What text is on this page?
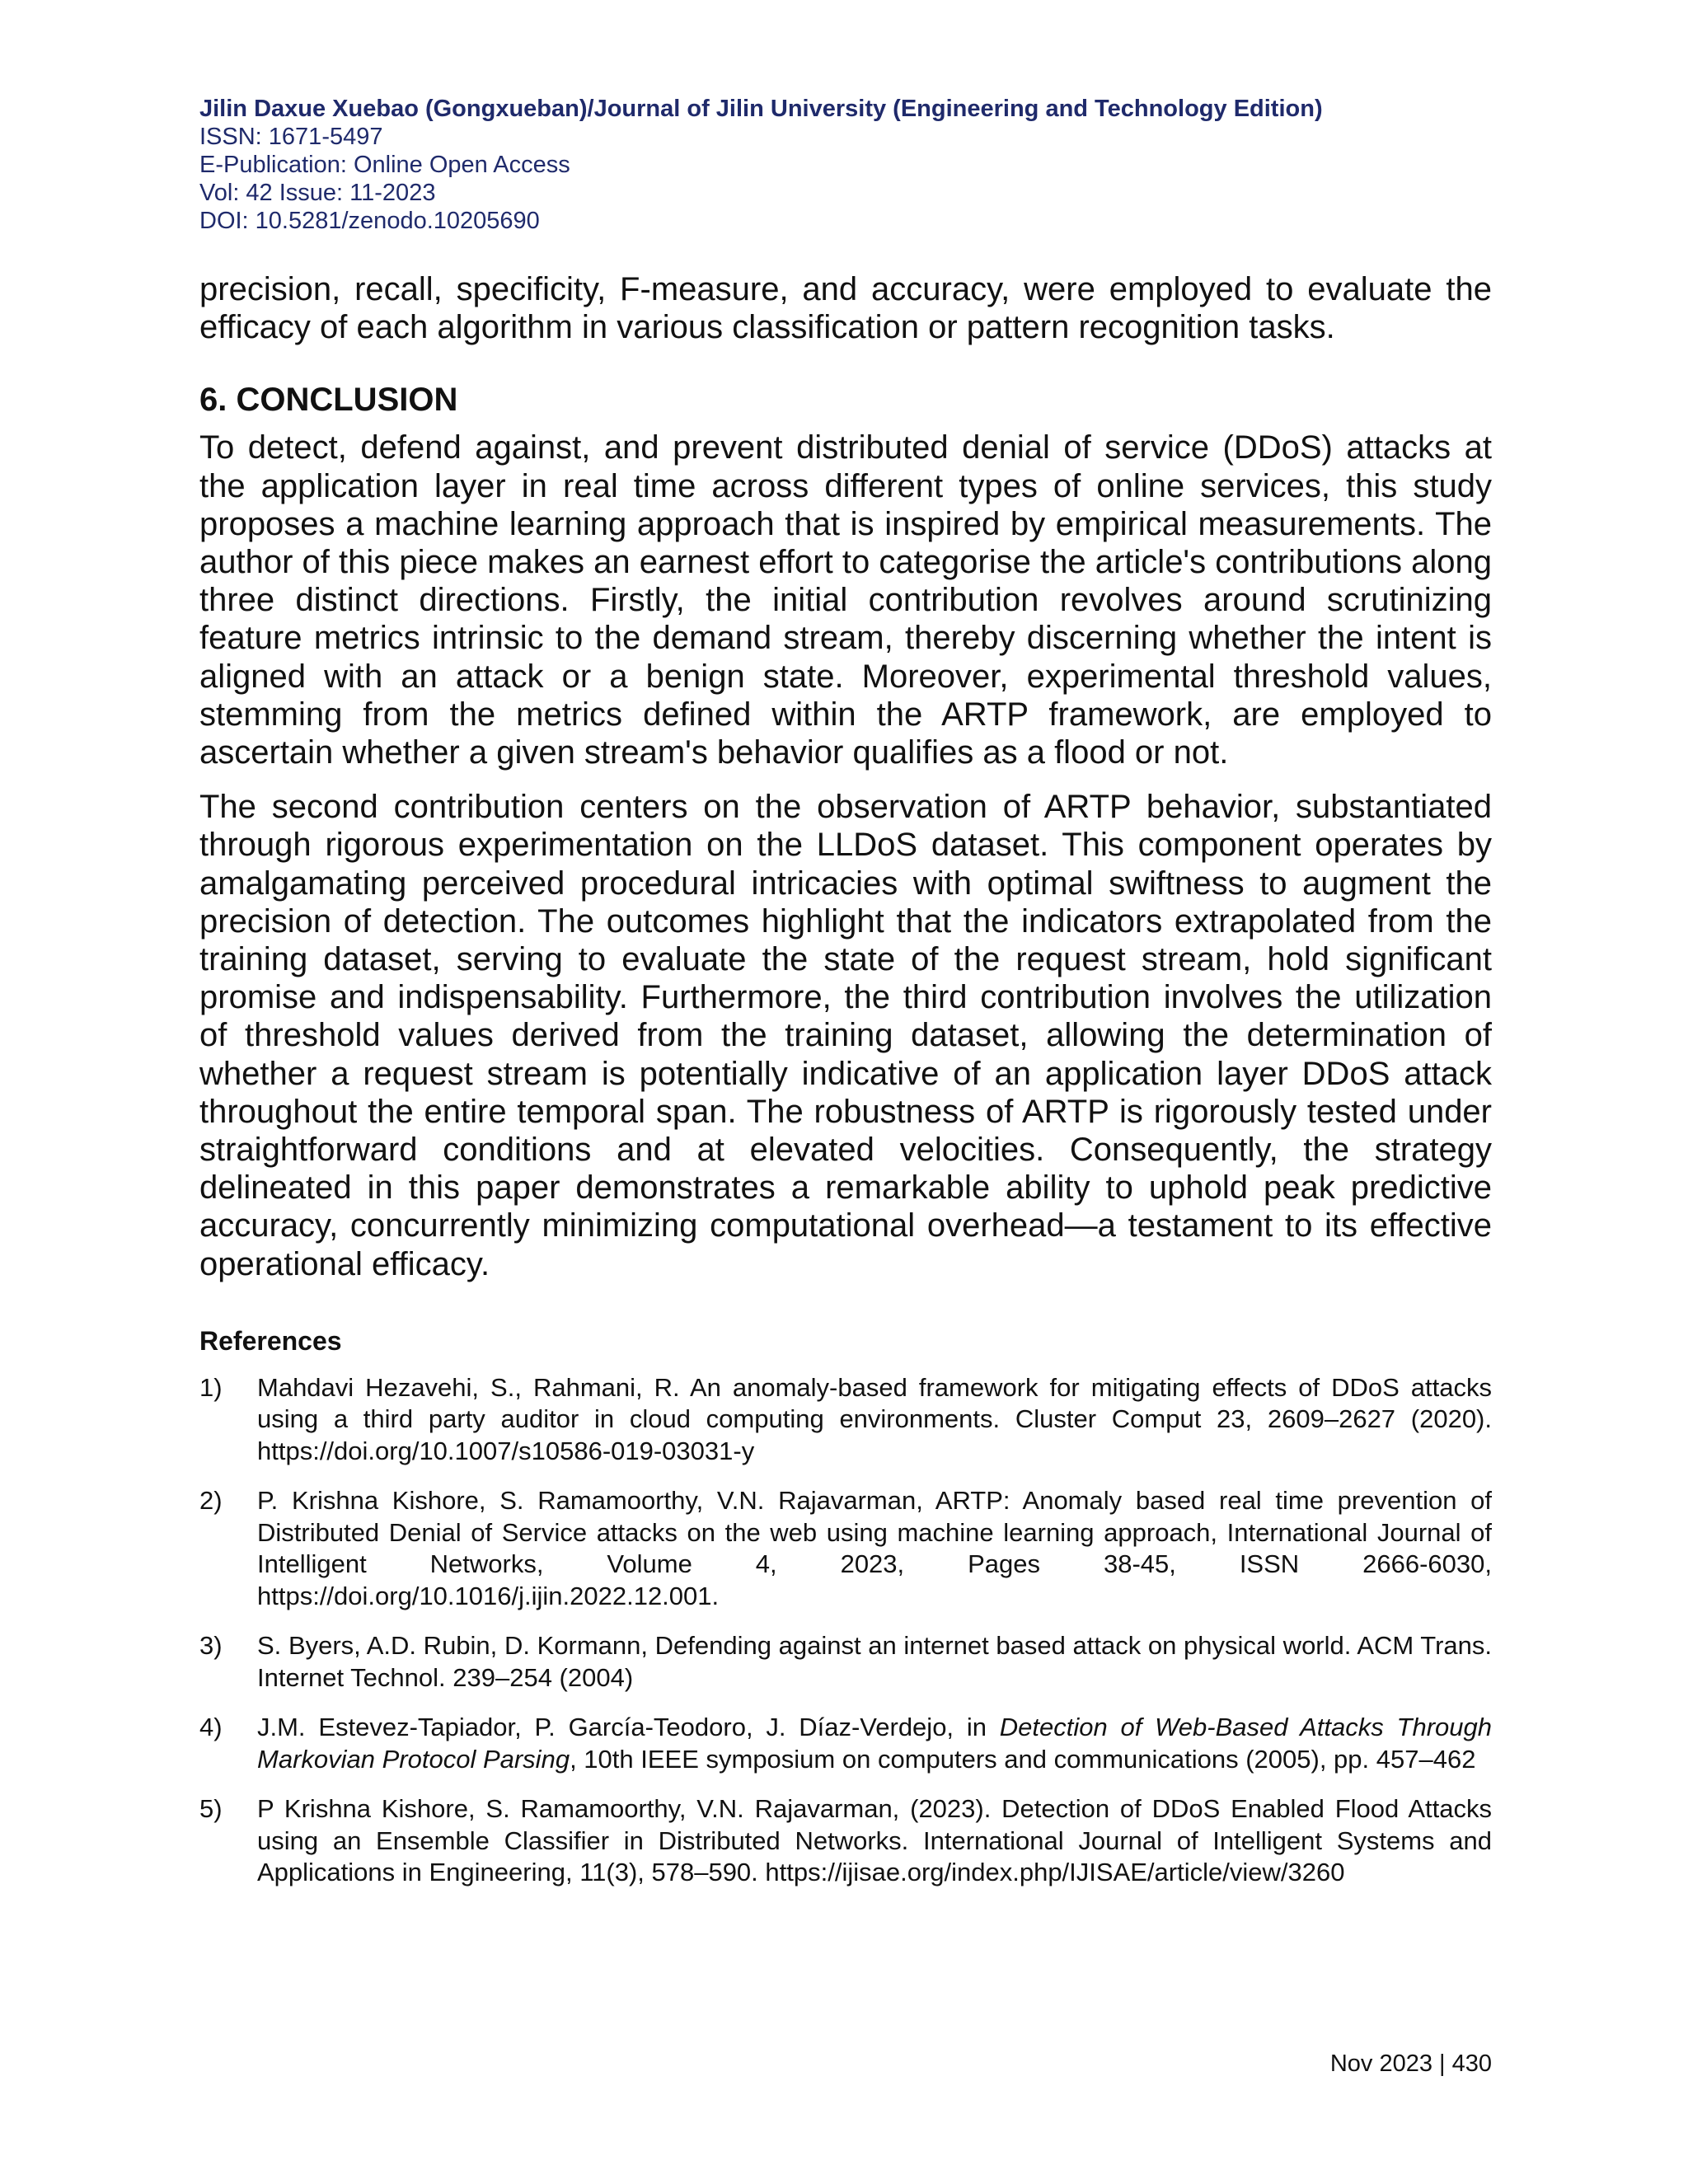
Jilin Daxue Xuebao (Gongxueban)/Journal of Jilin University (Engineering and Technology Edition)
ISSN: 1671-5497
E-Publication: Online Open Access
Vol: 42 Issue: 11-2023
DOI: 10.5281/zenodo.10205690

precision, recall, specificity, F-measure, and accuracy, were employed to evaluate the efficacy of each algorithm in various classification or pattern recognition tasks.

6. CONCLUSION

To detect, defend against, and prevent distributed denial of service (DDoS) attacks at the application layer in real time across different types of online services, this study proposes a machine learning approach that is inspired by empirical measurements. The author of this piece makes an earnest effort to categorise the article's contributions along three distinct directions. Firstly, the initial contribution revolves around scrutinizing feature metrics intrinsic to the demand stream, thereby discerning whether the intent is aligned with an attack or a benign state. Moreover, experimental threshold values, stemming from the metrics defined within the ARTP framework, are employed to ascertain whether a given stream's behavior qualifies as a flood or not.

The second contribution centers on the observation of ARTP behavior, substantiated through rigorous experimentation on the LLDoS dataset. This component operates by amalgamating perceived procedural intricacies with optimal swiftness to augment the precision of detection. The outcomes highlight that the indicators extrapolated from the training dataset, serving to evaluate the state of the request stream, hold significant promise and indispensability. Furthermore, the third contribution involves the utilization of threshold values derived from the training dataset, allowing the determination of whether a request stream is potentially indicative of an application layer DDoS attack throughout the entire temporal span. The robustness of ARTP is rigorously tested under straightforward conditions and at elevated velocities. Consequently, the strategy delineated in this paper demonstrates a remarkable ability to uphold peak predictive accuracy, concurrently minimizing computational overhead—a testament to its effective operational efficacy.

References
1)	Mahdavi Hezavehi, S., Rahmani, R. An anomaly-based framework for mitigating effects of DDoS attacks using a third party auditor in cloud computing environments. Cluster Comput 23, 2609–2627 (2020). https://doi.org/10.1007/s10586-019-03031-y
2)	P. Krishna Kishore, S. Ramamoorthy, V.N. Rajavarman, ARTP: Anomaly based real time prevention of Distributed Denial of Service attacks on the web using machine learning approach, International Journal of Intelligent Networks, Volume 4, 2023, Pages 38-45, ISSN 2666-6030, https://doi.org/10.1016/j.ijin.2022.12.001.
3)	S. Byers, A.D. Rubin, D. Kormann, Defending against an internet based attack on physical world. ACM Trans. Internet Technol. 239–254 (2004)
4)	J.M. Estevez-Tapiador, P. García-Teodoro, J. Díaz-Verdejo, in Detection of Web-Based Attacks Through Markovian Protocol Parsing, 10th IEEE symposium on computers and communications (2005), pp. 457–462
5)	P Krishna Kishore, S. Ramamoorthy, V.N. Rajavarman, (2023). Detection of DDoS Enabled Flood Attacks using an Ensemble Classifier in Distributed Networks. International Journal of Intelligent Systems and Applications in Engineering, 11(3), 578–590. https://ijisae.org/index.php/IJISAE/article/view/3260
Nov 2023 | 430
